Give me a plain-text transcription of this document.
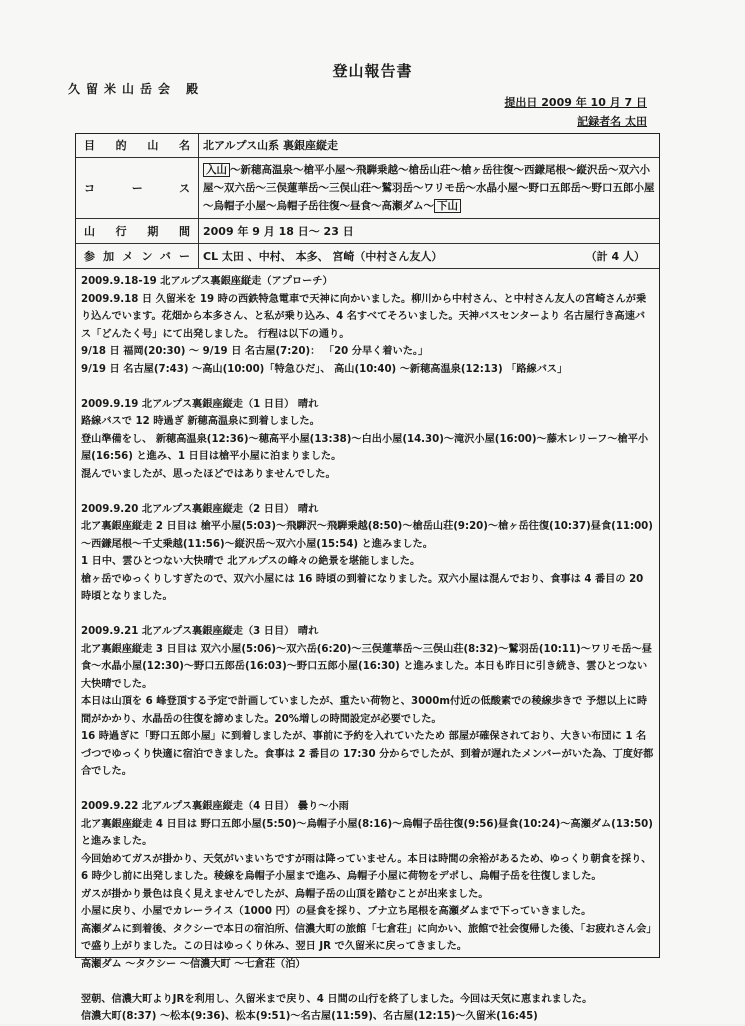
登山報告書
久留米山岳会 殿
提出日 2009 年 10 月 7 日
記録者名 太田
目的山名	北アルプス山系 裏銀座縦走
コース	入山 ～新穂高温泉～槍平小屋～飛騨乗越～槍岳山荘～槍ヶ岳往復～西鎌尾根～縦沢岳～双六小屋～双六岳～三俣蓮華岳～三俣山荘～鷲羽岳～ワリモ岳～水晶小屋～野口五郎岳～野口五郎小屋 ～烏帽子小屋～烏帽子岳往復～昼食～高瀬ダム～ 下山

山行期間	2009 年 9 月 18 日～ 23 日
参加メンバー	CL 太田 、中村、 本多、 宮崎（中村さん友人） （計 4 人）
2009.9.18-19 北アルプス裏銀座縦走（アプローチ）
2009.9.18 日 久留米を 19 時の西鉄特急電車で天神に向かいました。柳川から中村さん、と中村さん友人の宮崎さんが乗り込んでいます。花畑から本多さん、と私が乗り込み、4 名すべてそろいました。天神バスセンターより 名古屋行き高速バス「どんたく号」にて出発しました。 行程は以下の通り。
9/18 日 福岡(20:30) ～ 9/19 日 名古屋(7:20)： 「20 分早く着いた。」
9/19 日 名古屋(7:43) ～高山(10:00)「特急ひだ」、 高山(10:40) ～新穂高温泉(12:13) 「路線バス」
2009.9.19 北アルプス裏銀座縦走（1 日目） 晴れ
路線バスで 12 時過ぎ 新穂高温泉に到着しました。
登山準備をし、 新穂高温泉(12:36)～穂高平小屋(13:38)～白出小屋(14.30)～滝沢小屋(16:00)～藤木レリーフ～槍平小屋(16:56) と進み、1 日目は槍平小屋に泊まりました。
混んでいましたが、思ったほどではありませんでした。
2009.9.20 北アルプス裏銀座縦走（2 日目） 晴れ
北ア裏銀座縦走 2 日目は 槍平小屋(5:03)～飛騨沢～飛騨乗越(8:50)～槍岳山荘(9:20)～槍ヶ岳往復(10:37)昼食(11:00)～西鎌尾根～千丈乗越(11:56)～縦沢岳～双六小屋(15:54) と進みました。
1 日中、雲ひとつない大快晴で 北アルプスの峰々の絶景を堪能しました。
槍ヶ岳でゆっくりしすぎたので、双六小屋には 16 時頃の到着になりました。双六小屋は混んでおり、食事は 4 番目の 20 時頃となりました。
2009.9.21 北アルプス裏銀座縦走（3 日目） 晴れ
北ア裏銀座縦走 3 日目は 双六小屋(5:06)～双六岳(6:20)～三俣蓮華岳～三俣山荘(8:32)～鷲羽岳(10:11)～ワリモ岳～昼食～水晶小屋(12:30)～野口五郎岳(16:03)～野口五郎小屋(16:30) と進みました。本日も昨日に引き続き、雲ひとつない大快晴でした。
本日は山頂を 6 峰登頂する予定で計画していましたが、重たい荷物と、3000m付近の低酸素での稜線歩きで 予想以上に時間がかかり、水晶岳の往復を諦めました。20%増しの時間設定が必要でした。
16 時過ぎに「野口五郎小屋」に到着しましたが、事前に予約を入れていたため 部屋が確保されており、大きい布団に 1 名づつでゆっくり快適に宿泊できました。食事は 2 番目の 17:30 分からでしたが、到着が遅れたメンバーがいた為、丁度好都合でした。
2009.9.22 北アルプス裏銀座縦走（4 日目） 曇り～小雨
北ア裏銀座縦走 4 日目は 野口五郎小屋(5:50)～烏帽子小屋(8:16)～烏帽子岳往復(9:56)昼食(10:24)～高瀬ダム(13:50) と進みました。
今回始めてガスが掛かり、天気がいまいちですが雨は降っていません。本日は時間の余裕があるため、ゆっくり朝食を採り、6 時少し前に出発しました。稜線を烏帽子小屋まで進み、烏帽子小屋に荷物をデポし、烏帽子岳を往復しました。
ガスが掛かり景色は良く見えませんでしたが、烏帽子岳の山頂を踏むことが出来ました。
小屋に戻り、小屋でカレーライス（1000 円）の昼食を採り、ブナ立ち尾根を高瀬ダムまで下っていきました。
高瀬ダムに到着後、タクシーで本日の宿泊所、信濃大町の旅館「七倉荘」に向かい、旅館で社会復帰した後、「お疲れさん会」で盛り上がりました。この日はゆっくり休み、翌日 JR で久留米に戻ってきました。
高瀬ダム ～タクシー ～信濃大町 ～七倉荘（泊）
翌朝、信濃大町よりJRを利用し、久留米まで戻り、4 日間の山行を終了しました。今回は天気に恵まれました。
信濃大町(8:37) ～松本(9:36)、松本(9:51)～名古屋(11:59)、名古屋(12:15)～久留米(16:45)
